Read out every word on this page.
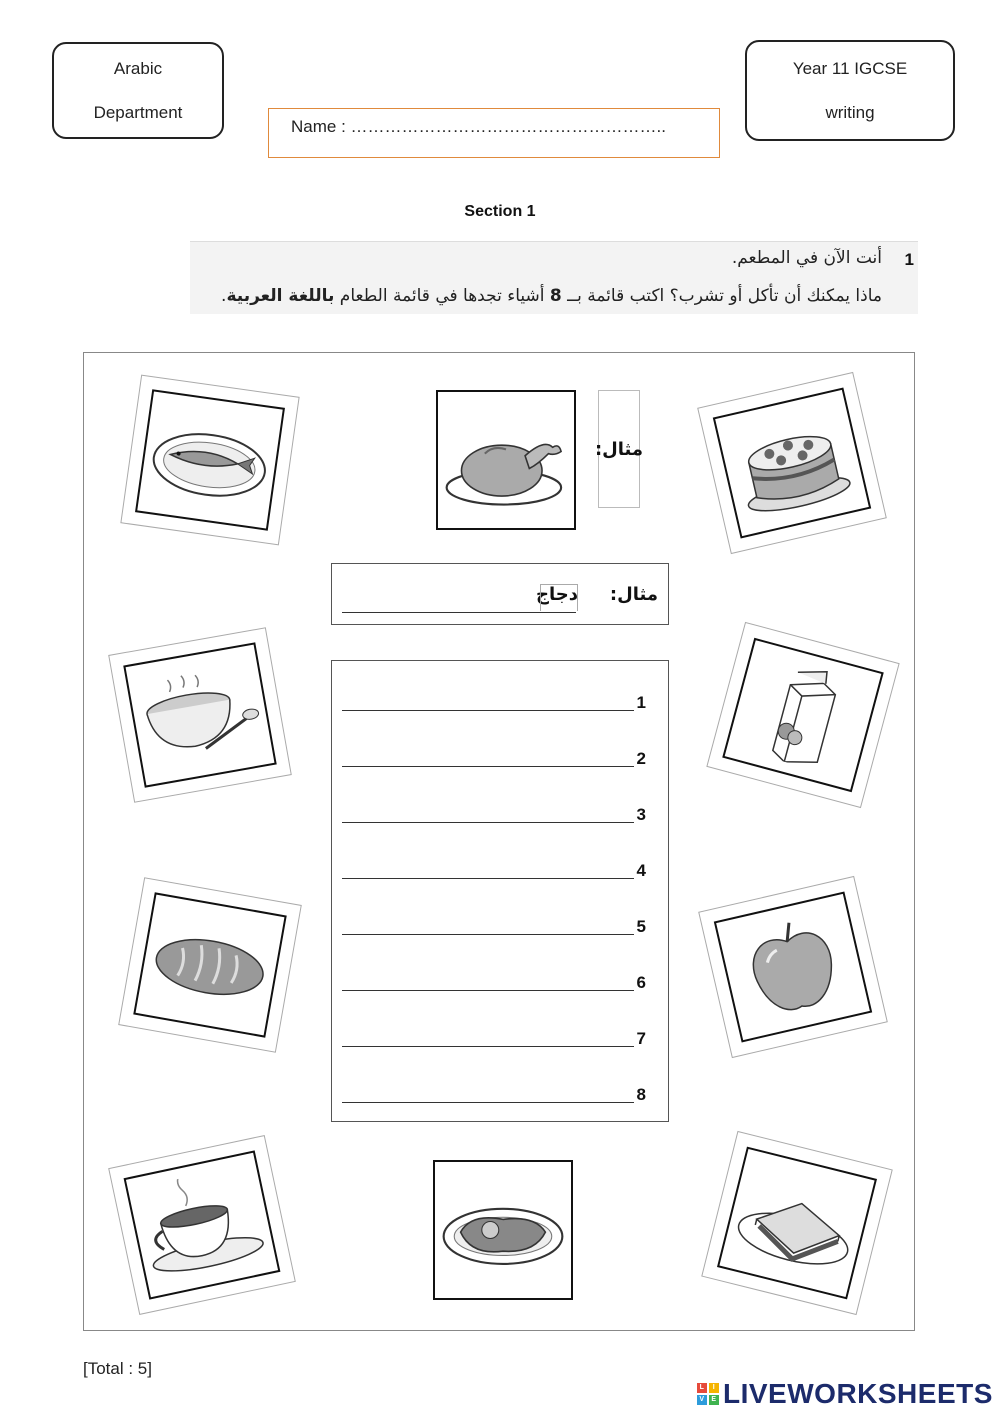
Arabic
Department
Year 11 IGCSE
writing
Name : ………………………………………………..
Section 1
1
أنت الآن في المطعم.
ماذا يمكنك أن تأكل أو تشرب؟ اكتب قائمة بــ 8 أشياء تجدها في قائمة الطعام باللغة العربية.
مثال:
مثال:
دجاج
1
2
3
4
5
6
7
8
[Total : 5]
L	I
V E LIVEWORKSHEETS
